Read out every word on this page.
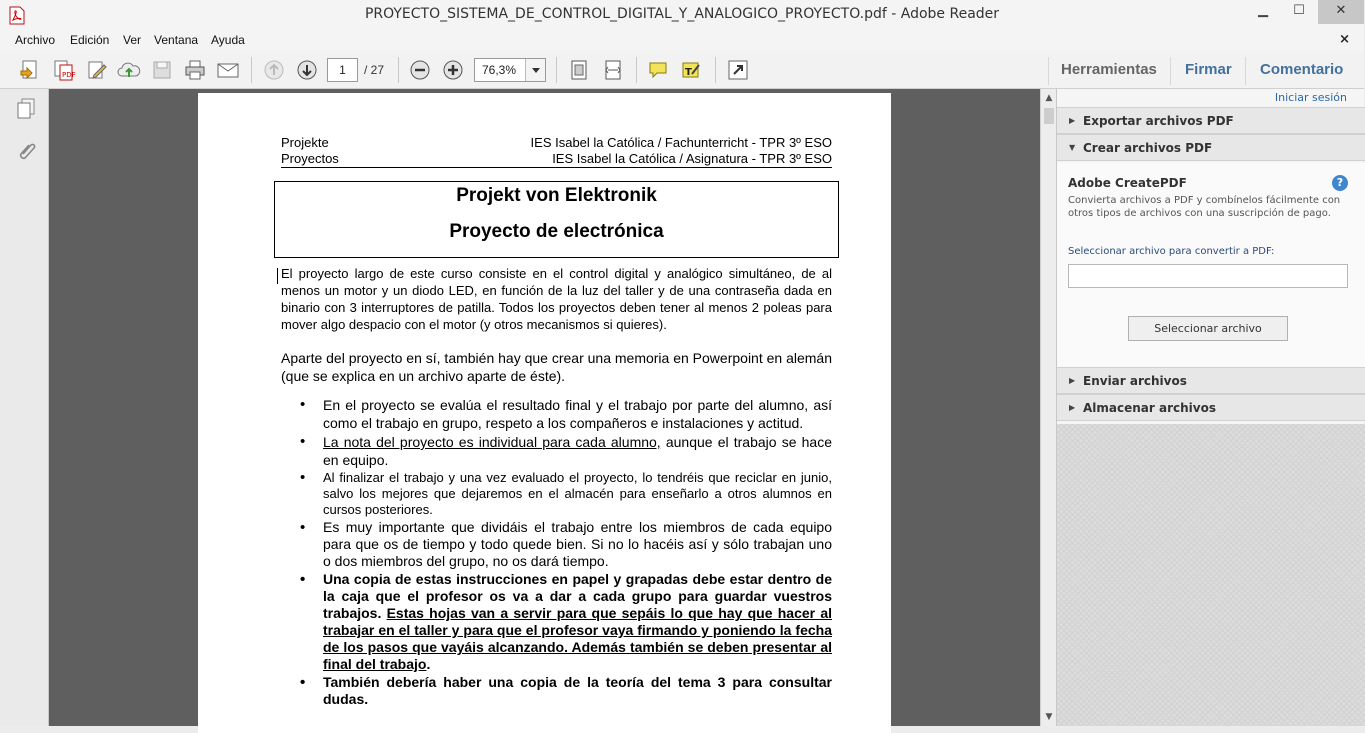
PROYECTO_SISTEMA_DE_CONTROL_DIGITAL_Y_ANALOGICO_PROYECTO.pdf - Adobe Reader	▁	☐	✕
Archivo Edición Ver Ventana Ayuda	×
PDF	1	/ 27	76,3%	T	Herramientas Firmar Comentario
Projekte	IES Isabel la Católica / Fachunterricht - TPR 3º ESO
Proyectos	IES Isabel la Católica / Asignatura - TPR 3º ESO
Projekt von Elektronik
Proyecto de electrónica

El proyecto largo de este curso consiste en el control digital y analógico simultáneo, de al menos un motor y un diodo LED, en función de la luz del taller y de una contraseña dada en binario con 3 interruptores de patilla. Todos los proyectos deben tener al menos 2 poleas para mover algo despacio con el motor (y otros mecanismos si quieres).

Aparte del proyecto en sí, también hay que crear una memoria en Powerpoint en alemán (que se explica en un archivo aparte de éste).

• En el proyecto se evalúa el resultado final y el trabajo por parte del alumno, así como el trabajo en grupo, respeto a los compañeros e instalaciones y actitud.
• La nota del proyecto es individual para cada alumno, aunque el trabajo se hace en equipo.
• Al finalizar el trabajo y una vez evaluado el proyecto, lo tendréis que reciclar en junio, salvo los mejores que dejaremos en el almacén para enseñarlo a otros alumnos en cursos posteriores.
• Es muy importante que dividáis el trabajo entre los miembros de cada equipo para que os de tiempo y todo quede bien. Si no lo hacéis así y sólo trabajan uno o dos miembros del grupo, no os dará tiempo.
• Una copia de estas instrucciones en papel y grapadas debe estar dentro de la caja que el profesor os va a dar a cada grupo para guardar vuestros trabajos. Estas hojas van a servir para que sepáis lo que hay que hacer al trabajar en el taller y para que el profesor vaya firmando y poniendo la fecha de los pasos que vayáis alcanzando. Además también se deben presentar al final del trabajo.
• También debería haber una copia de la teoría del tema 3 para consultar dudas.
▲
▼
Iniciar sesión
▶ Exportar archivos PDF
▼ Crear archivos PDF
Adobe CreatePDF	?
Convierta archivos a PDF y combínelos fácilmente con otros tipos de archivos con una suscripción de pago.
Seleccionar archivo para convertir a PDF:
Seleccionar archivo
▶ Enviar archivos
▶ Almacenar archivos
